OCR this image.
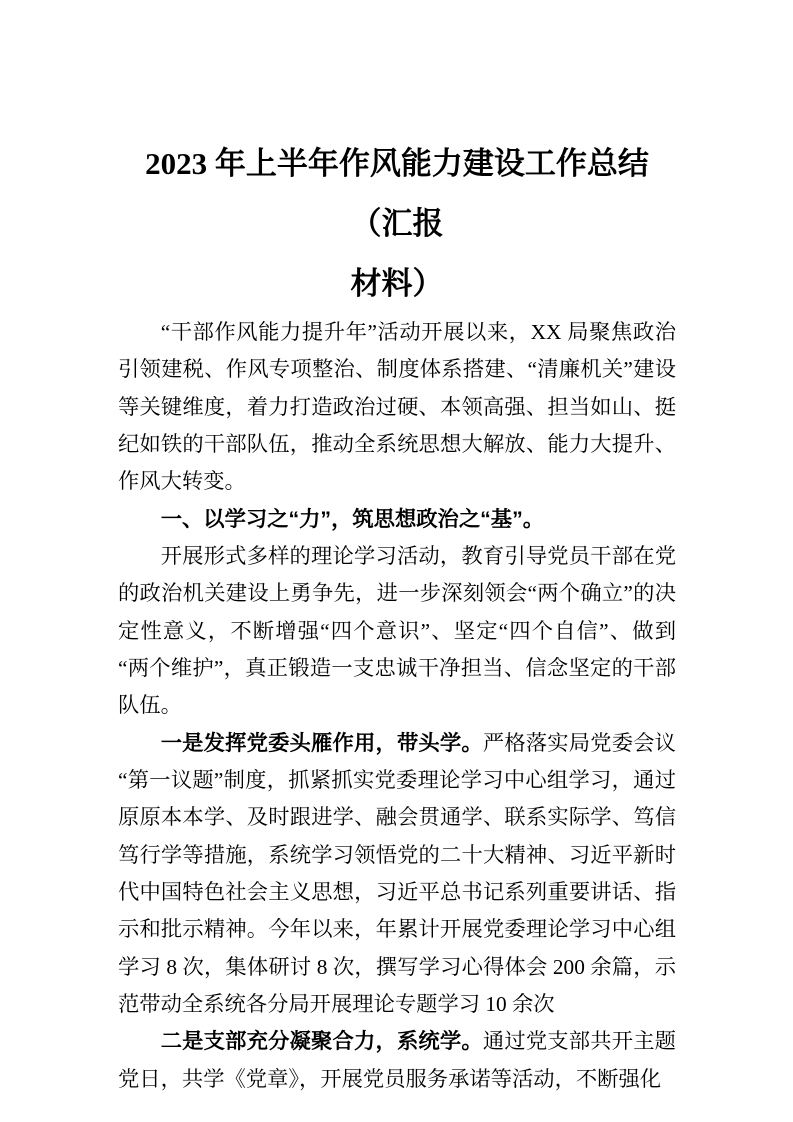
2023 年上半年作风能力建设工作总结（汇报
材料）

“干部作风能力提升年”活动开展以来，XX 局聚焦政治引领建税、作风专项整治、制度体系搭建、“清廉机关”建设等关键维度，着力打造政治过硬、本领高强、担当如山、挺纪如铁的干部队伍，推动全系统思想大解放、能力大提升、作风大转变。

一、以学习之“力”，筑思想政治之“基”。

开展形式多样的理论学习活动，教育引导党员干部在党的政治机关建设上勇争先，进一步深刻领会“两个确立”的决定性意义，不断增强“四个意识”、坚定“四个自信”、做到“两个维护”，真正锻造一支忠诚干净担当、信念坚定的干部队伍。

一是发挥党委头雁作用，带头学。严格落实局党委会议“第一议题”制度，抓紧抓实党委理论学习中心组学习，通过原原本本学、及时跟进学、融会贯通学、联系实际学、笃信笃行学等措施，系统学习领悟党的二十大精神、习近平新时代中国特色社会主义思想，习近平总书记系列重要讲话、指示和批示精神。今年以来，年累计开展党委理论学习中心组学习 8 次，集体研讨 8 次，撰写学习心得体会 200 余篇，示范带动全系统各分局开展理论专题学习 10 余次

二是支部充分凝聚合力，系统学。通过党支部共开主题党日，共学《党章》，开展党员服务承诺等活动，不断强化
